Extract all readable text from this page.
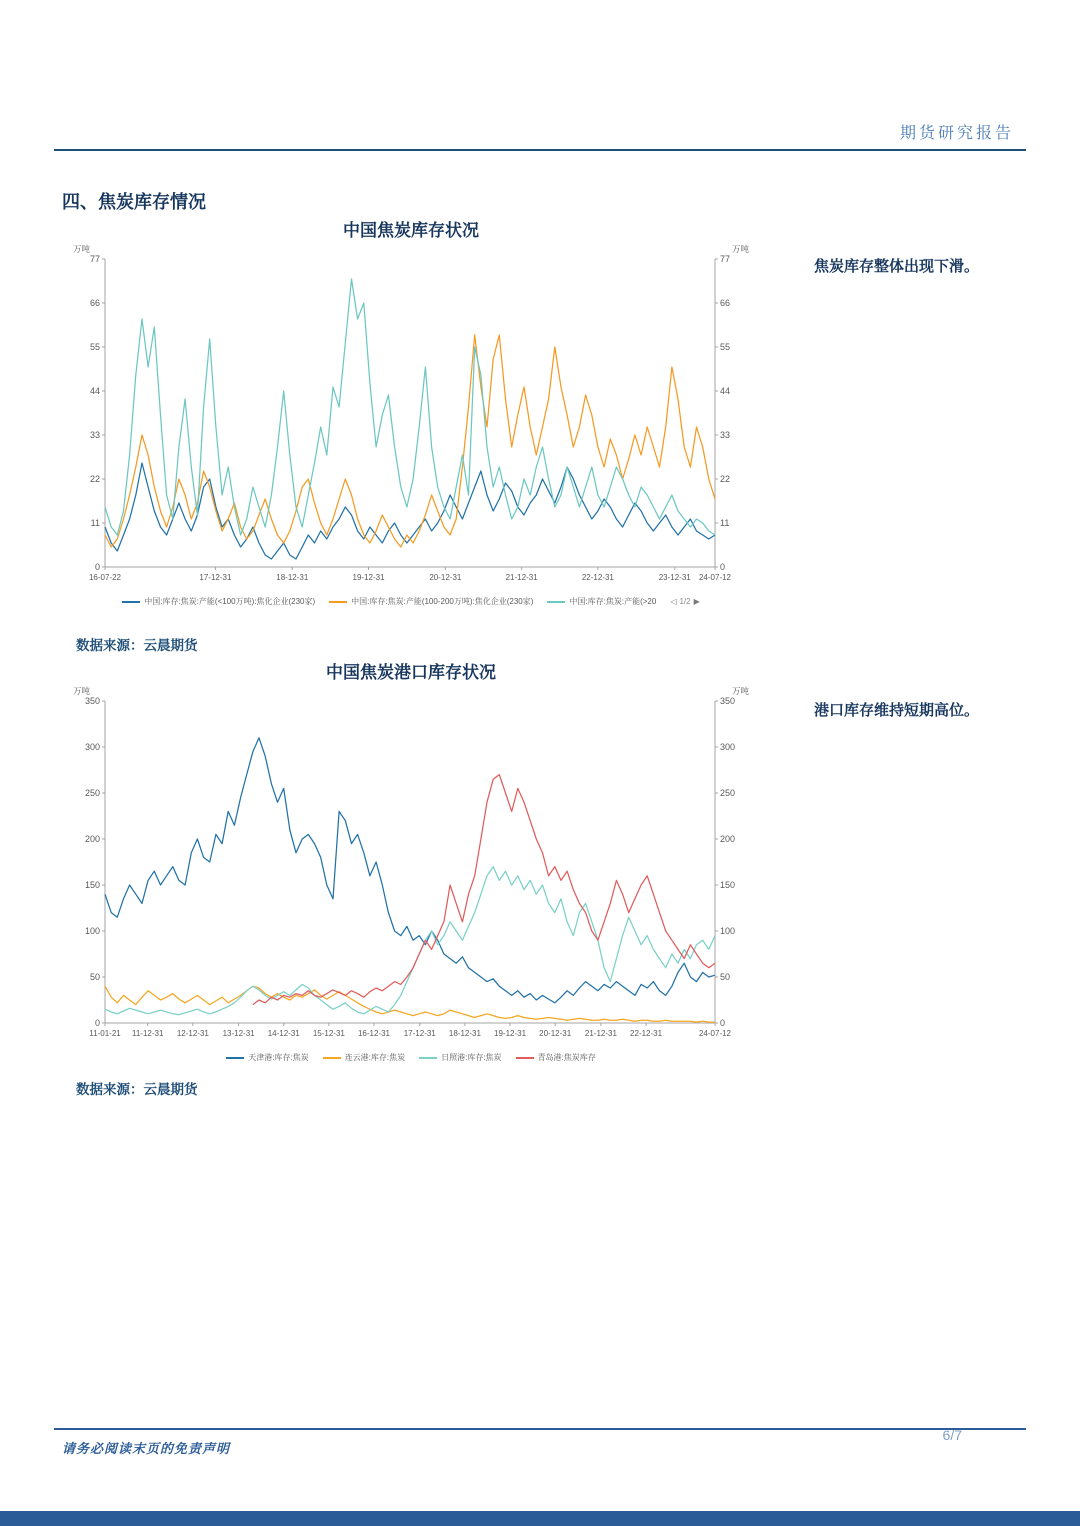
期货研究报告
四、焦炭库存情况
中国焦炭库存状况
0	0
11	11
22	22
33	33
44	44
55	55
66	66
77	77
16-07-22	17-12-31	18-12-31	19-12-31	20-12-31	21-12-31	22-12-31	23-12-31 24-07-12
万吨	万吨
中国:库存:焦炭:产能(<100万吨):焦化企业(230家)	中国:库存:焦炭:产能(100-200万吨):焦化企业(230家)	中国:库存:焦炭:产能(>20 ◁ 1/2 ▶
焦炭库存整体出现下滑。
数据来源：云晨期货
中国焦炭港口库存状况
0	0
50	50
100	100
150	150
200	200
250	250
300	300
350	350
11-01-21 11-12-31 12-12-31 13-12-31 14-12-31 15-12-31 16-12-31 17-12-31 18-12-31 19-12-31 20-12-31 21-12-31 22-12-31	24-07-12
万吨	万吨
天津港:库存:焦炭	连云港:库存:焦炭	日照港:库存:焦炭	青岛港:焦炭库存
港口库存维持短期高位。
数据来源：云晨期货
请务必阅读末页的免责声明
6/7
